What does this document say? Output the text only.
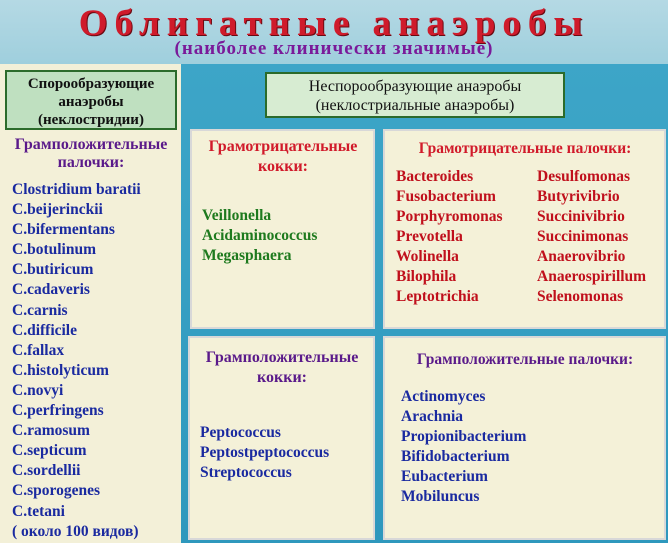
Облигатные анаэробы
(наиболее клинически значимые)
Спорообразующие
анаэробы
(неклостридии)
Грамположительные
палочки:
Clostridium baratii
C.beijerinckii
C.bifermentans
C.botulinum
C.butiricum
C.cadaveris
C.carnis
C.difficile
C.fallax
C.histolyticum
C.novyi
C.perfringens
C.ramosum
C.septicum
C.sordellii
C.sporogenes
C.tetani
( около 100 видов)
Неспорообразующие анаэробы
(неклостриальные анаэробы)
Грамотрицательные
кокки:
Veillonella
Acidaminococcus
Megasphaera
Грамотрицательные палочки:
Bacteroides
Fusobacterium
Porphyromonas
Prevotella
Wolinella
Bilophila
Leptotrichia
Desulfomonas
Butyrivibrio
Succinivibrio
Succinimonas
Anaerovibrio
Anaerospirillum
Selenomonas
Грамположительные
кокки:
Peptococcus
Peptostpeptococcus
Streptococcus
Грамположительные палочки:
Actinomyces
Arachnia
Propionibacterium
Bifidobacterium
Eubacterium
Mobiluncus
